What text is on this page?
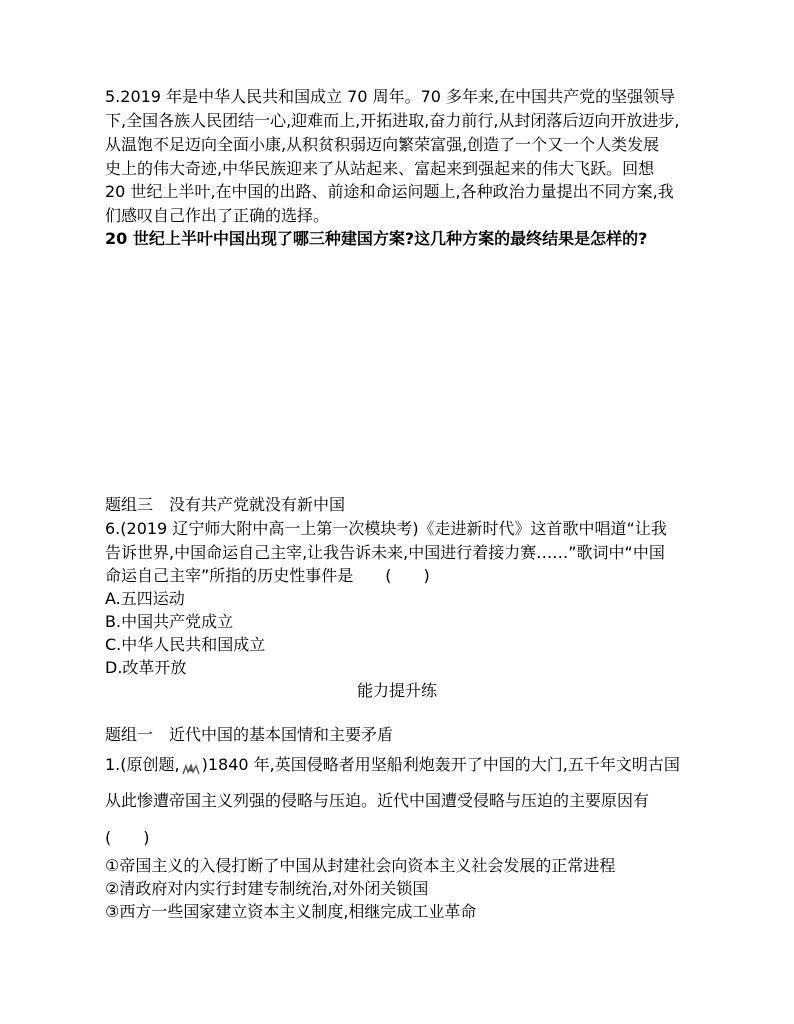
5.2019 年是中华人民共和国成立 70 周年。70 多年来,在中国共产党的坚强领导
下,全国各族人民团结一心,迎难而上,开拓进取,奋力前行,从封闭落后迈向开放进步,
从温饱不足迈向全面小康,从积贫积弱迈向繁荣富强,创造了一个又一个人类发展
史上的伟大奇迹,中华民族迎来了从站起来、富起来到强起来的伟大飞跃。回想
20 世纪上半叶,在中国的出路、前途和命运问题上,各种政治力量提出不同方案,我
们感叹自己作出了正确的选择。
20 世纪上半叶中国出现了哪三种建国方案?这几种方案的最终结果是怎样的?
题组三　没有共产党就没有新中国
6.(2019 辽宁师大附中高一上第一次模块考)《走进新时代》这首歌中唱道“让我
告诉世界,中国命运自己主宰,让我告诉未来,中国进行着接力赛……”歌词中“中国
命运自己主宰”所指的历史性事件是　　(　　)
A.五四运动
B.中国共产党成立
C.中华人民共和国成立
D.改革开放
能力提升练
题组一　近代中国的基本国情和主要矛盾
1.(原创题, )1840 年,英国侵略者用坚船利炮轰开了中国的大门,五千年文明古国
从此惨遭帝国主义列强的侵略与压迫。近代中国遭受侵略与压迫的主要原因有
(　　)
①帝国主义的入侵打断了中国从封建社会向资本主义社会发展的正常进程
②清政府对内实行封建专制统治,对外闭关锁国
③西方一些国家建立资本主义制度,相继完成工业革命
